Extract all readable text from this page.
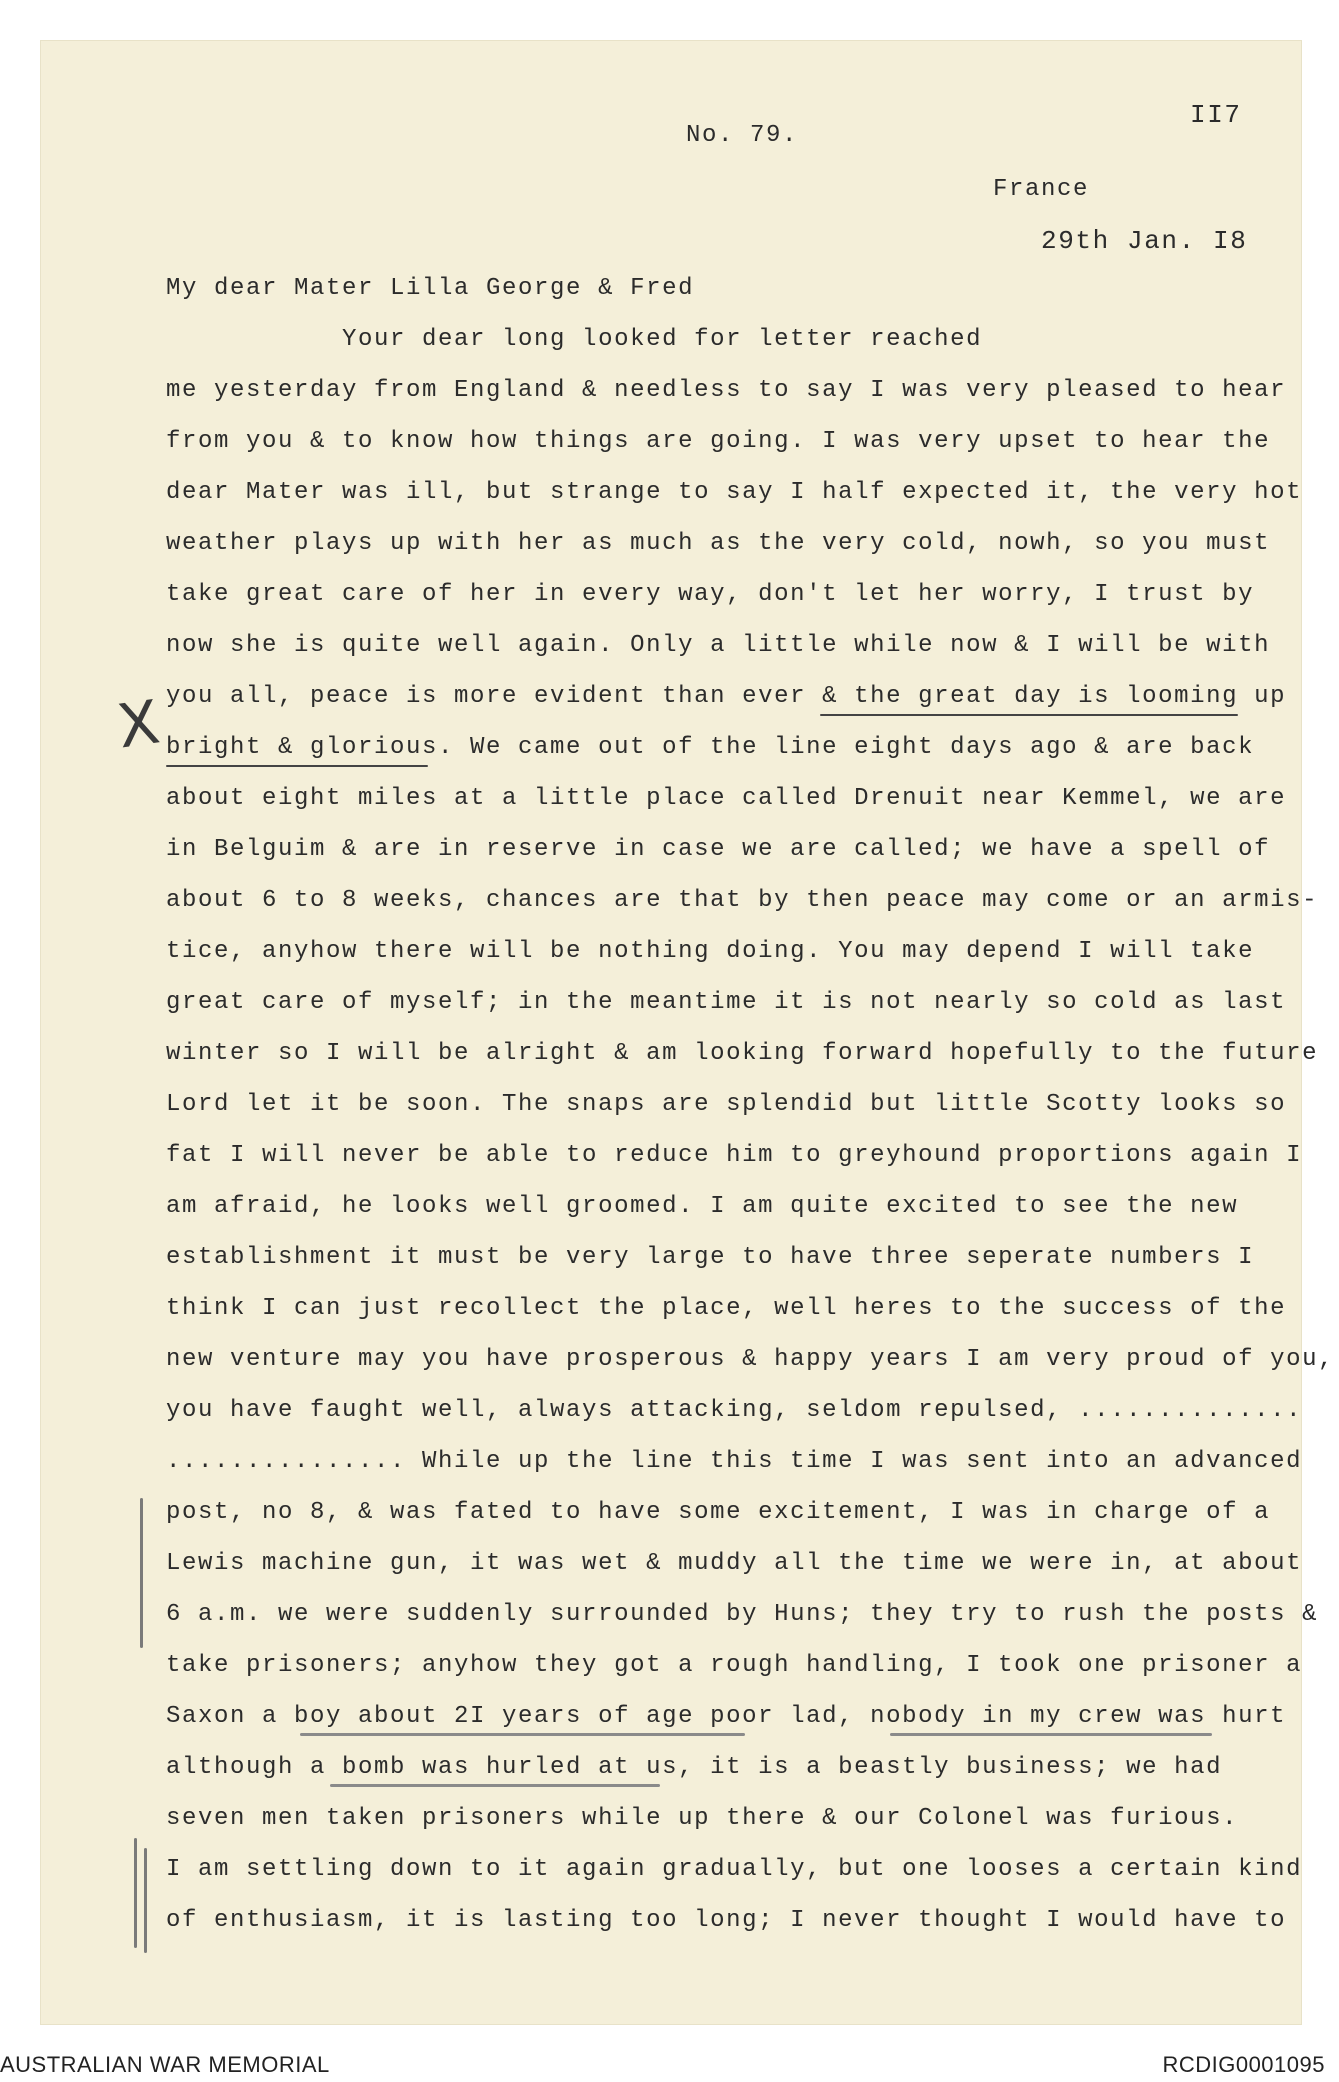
II7
No. 79.
France
29th Jan. I8
My dear Mater Lilla George & Fred
Your dear long looked for letter reached
me yesterday from England & needless to say I was very pleased to hear
from you & to know how things are going. I was very upset to hear the
dear Mater was ill, but strange to say I half expected it, the very hot
weather plays up with her as much as the very cold, nowh, so you must
take great care of her in every way, don't let her worry, I trust by
now she is quite well again. Only a little while now & I will be with
you all, peace is more evident than ever & the great day is looming up
bright & glorious. We came out of the line eight days ago & are back
about eight miles at a little place called Drenuit near Kemmel, we are
in Belguim & are in reserve in case we are called; we have a spell of
about 6 to 8 weeks, chances are that by then peace may come or an armis-
tice, anyhow there will be nothing doing. You may depend I will take
great care of myself; in the meantime it is not nearly so cold as last
winter so I will be alright & am looking forward hopefully to the future
Lord let it be soon. The snaps are splendid but little Scotty looks so
fat I will never be able to reduce him to greyhound proportions again I
am afraid, he looks well groomed. I am quite excited to see the new
establishment it must be very large to have three seperate numbers I
think I can just recollect the place, well heres to the success of the
new venture may you have prosperous & happy years I am very proud of you,
you have faught well, always attacking, seldom repulsed, ..............
............... While up the line this time I was sent into an advanced
post, no 8, & was fated to have some excitement, I was in charge of a
Lewis machine gun, it was wet & muddy all the time we were in, at about
6 a.m. we were suddenly surrounded by Huns; they try to rush the posts &
take prisoners; anyhow they got a rough handling, I took one prisoner a
Saxon a boy about 2I years of age poor lad, nobody in my crew was hurt
although a bomb was hurled at us, it is a beastly business; we had
seven men taken prisoners while up there & our Colonel was furious.
I am settling down to it again gradually, but one looses a certain kind
of enthusiasm, it is lasting too long; I never thought I would have to
X
AUSTRALIAN WAR MEMORIAL	RCDIG0001095
